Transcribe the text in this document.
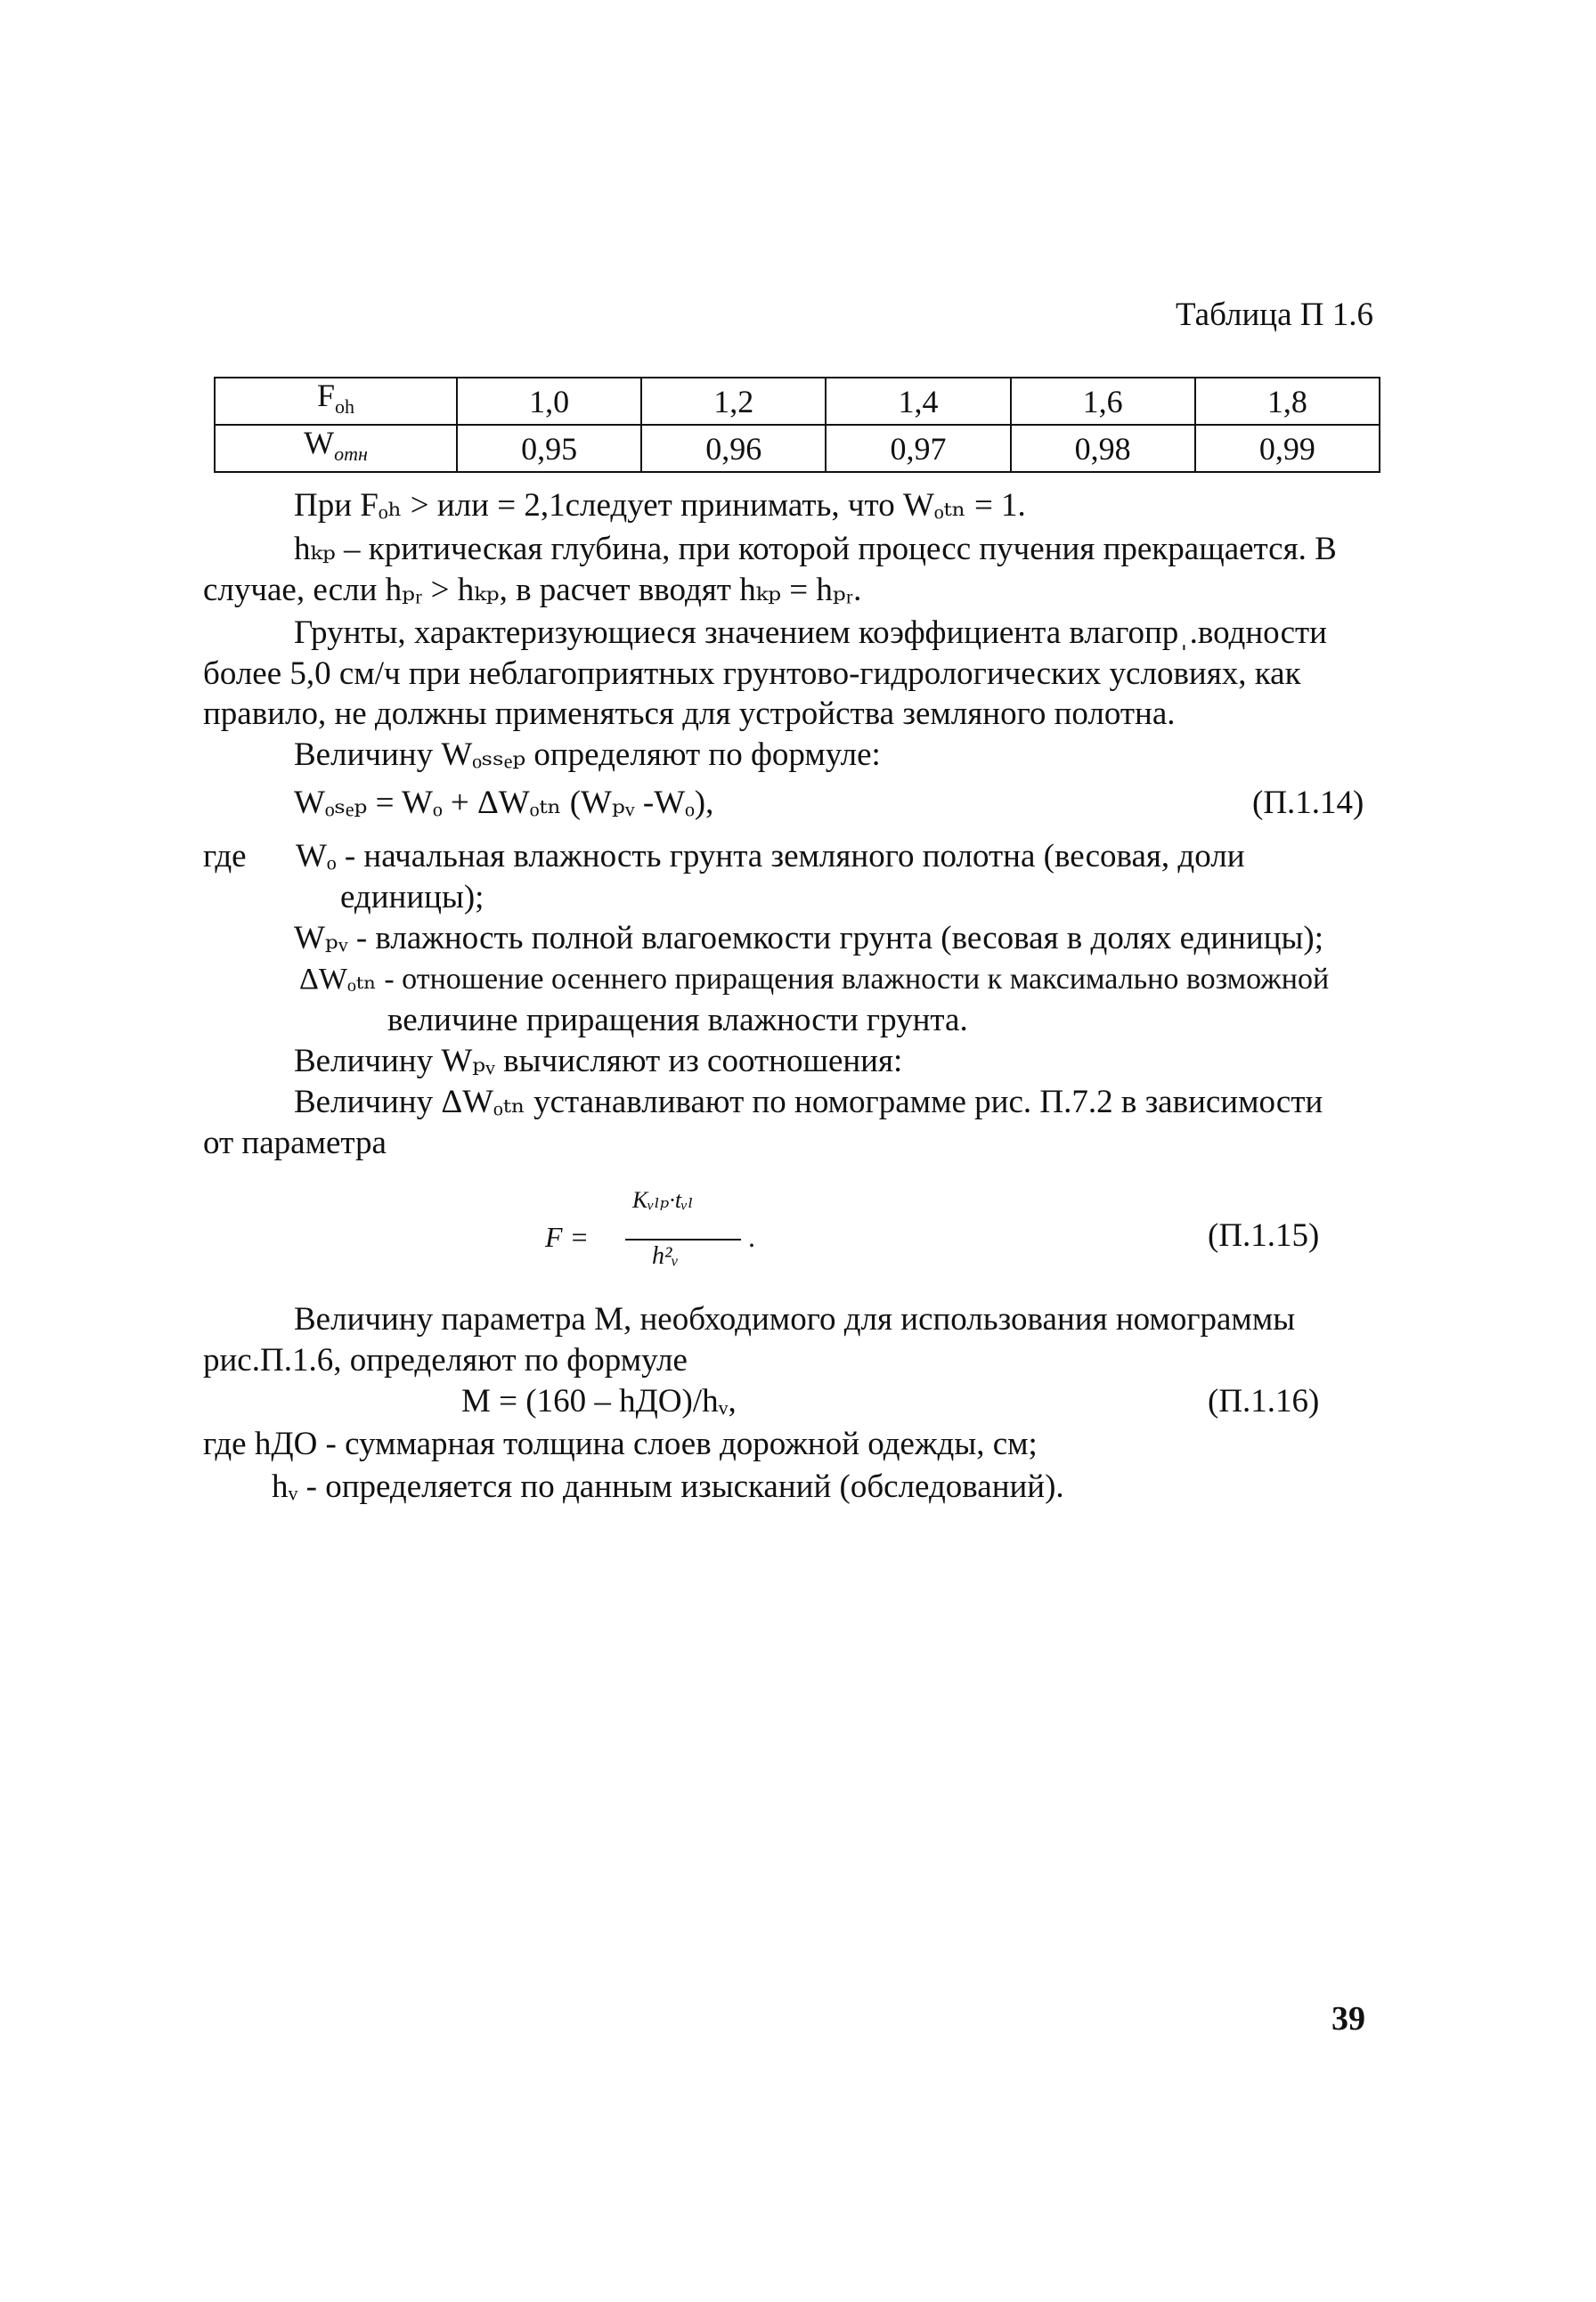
Таблица П 1.6
$F_{oh}$	1,0	1,2	1,4	1,6	1,8
$W_{отн}$	0,95	0,96	0,97	0,98	0,99
При Fₒₕ > или = 2,1следует принимать, что Wₒₜₙ = 1.
hₖₚ – критическая глубина, при которой процесс пучения прекращается. В
случае, если hₚᵣ > hₖₚ, в расчет вводят hₖₚ = hₚᵣ.
Грунты, характеризующиеся значением коэффициента влагопрˌ.водности
более 5,0 см/ч при неблагоприятных грунтово-гидрологических условиях, как
правило, не должны применяться для устройства земляного полотна.
Величину Wₒₛₛₑₚ определяют по формуле:
Wₒₛₑₚ = Wₒ + ΔWₒₜₙ (Wₚᵥ -Wₒ),	(П.1.14)
где Wₒ - начальная влажность грунта земляного полотна (весовая, доли
единицы);
Wₚᵥ - влажность полной влагоемкости грунта (весовая в долях единицы);
ΔWₒₜₙ - отношение осеннего приращения влажности к максимально возможной
величине приращения влажности грунта.
Величину Wₚᵥ вычисляют из соотношения:
Величину ΔWₒₜₙ устанавливают по номограмме рис. П.7.2 в зависимости
от параметра
F =
Kᵥₗₚ·tᵥₗ
h²ᵥ
.	(П.1.15)
Величину параметра М, необходимого для использования номограммы
рис.П.1.6, определяют по формуле
M = (160 – hДО)/hᵥ,	(П.1.16)
где hДО - суммарная толщина слоев дорожной одежды, см;
hᵥ - определяется по данным изысканий (обследований).
39
